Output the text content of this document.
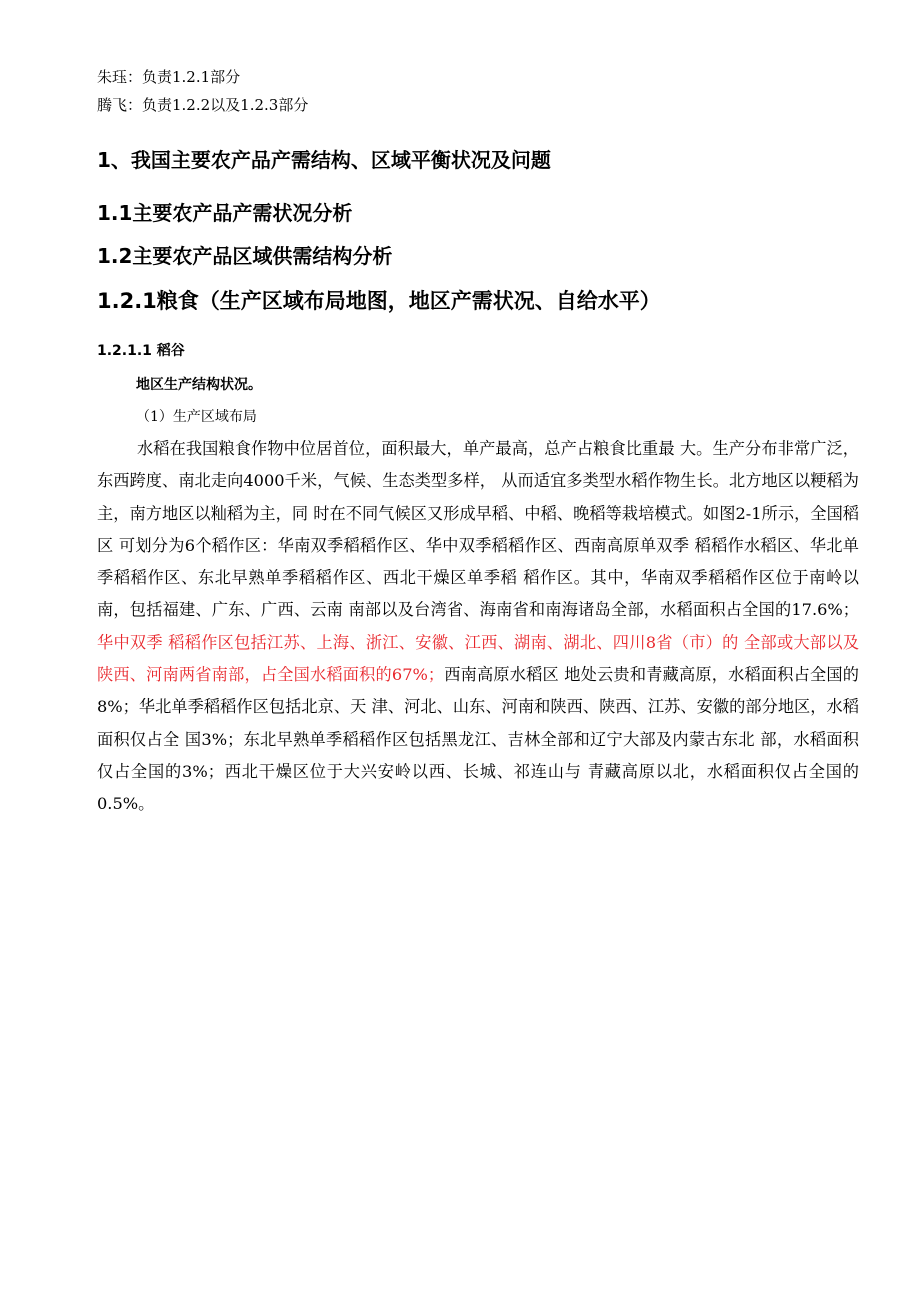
朱珏：负责1.2.1部分
腾飞：负责1.2.2以及1.2.3部分
1、我国主要农产品产需结构、区域平衡状况及问题
1.1主要农产品产需状况分析
1.2主要农产品区域供需结构分析
1.2.1粮食（生产区域布局地图，地区产需状况、自给水平）
1.2.1.1 稻谷
地区生产结构状况。
（1）生产区域布局

水稻在我国粮食作物中位居首位，面积最大，单产最高，总产占粮食比重最 大。生产分布非常广泛，东西跨度、南北走向4000千米，气候、生态类型多样， 从而适宜多类型水稻作物生长。北方地区以粳稻为主，南方地区以籼稻为主，同 时在不同气候区又形成早稻、中稻、晚稻等栽培模式。如图2-1所示，全国稻区 可划分为6个稻作区：华南双季稻稻作区、华中双季稻稻作区、西南高原单双季 稻稻作水稻区、华北单季稻稻作区、东北早熟单季稻稻作区、西北干燥区单季稻 稻作区。其中，华南双季稻稻作区位于南岭以南，包括福建、广东、广西、云南 南部以及台湾省、海南省和南海诸岛全部，水稻面积占全国的17.6%；华中双季 稻稻作区包括江苏、上海、浙江、安徽、江西、湖南、湖北、四川8省（市）的 全部或大部以及陕西、河南两省南部，占全国水稻面积的67%；西南高原水稻区 地处云贵和青藏高原，水稻面积占全国的8%；华北单季稻稻作区包括北京、天 津、河北、山东、河南和陕西、陕西、江苏、安徽的部分地区，水稻面积仅占全 国3%；东北早熟单季稻稻作区包括黑龙江、吉林全部和辽宁大部及内蒙古东北 部，水稻面积仅占全国的3%；西北干燥区位于大兴安岭以西、长城、祁连山与 青藏高原以北，水稻面积仅占全国的0.5%。
